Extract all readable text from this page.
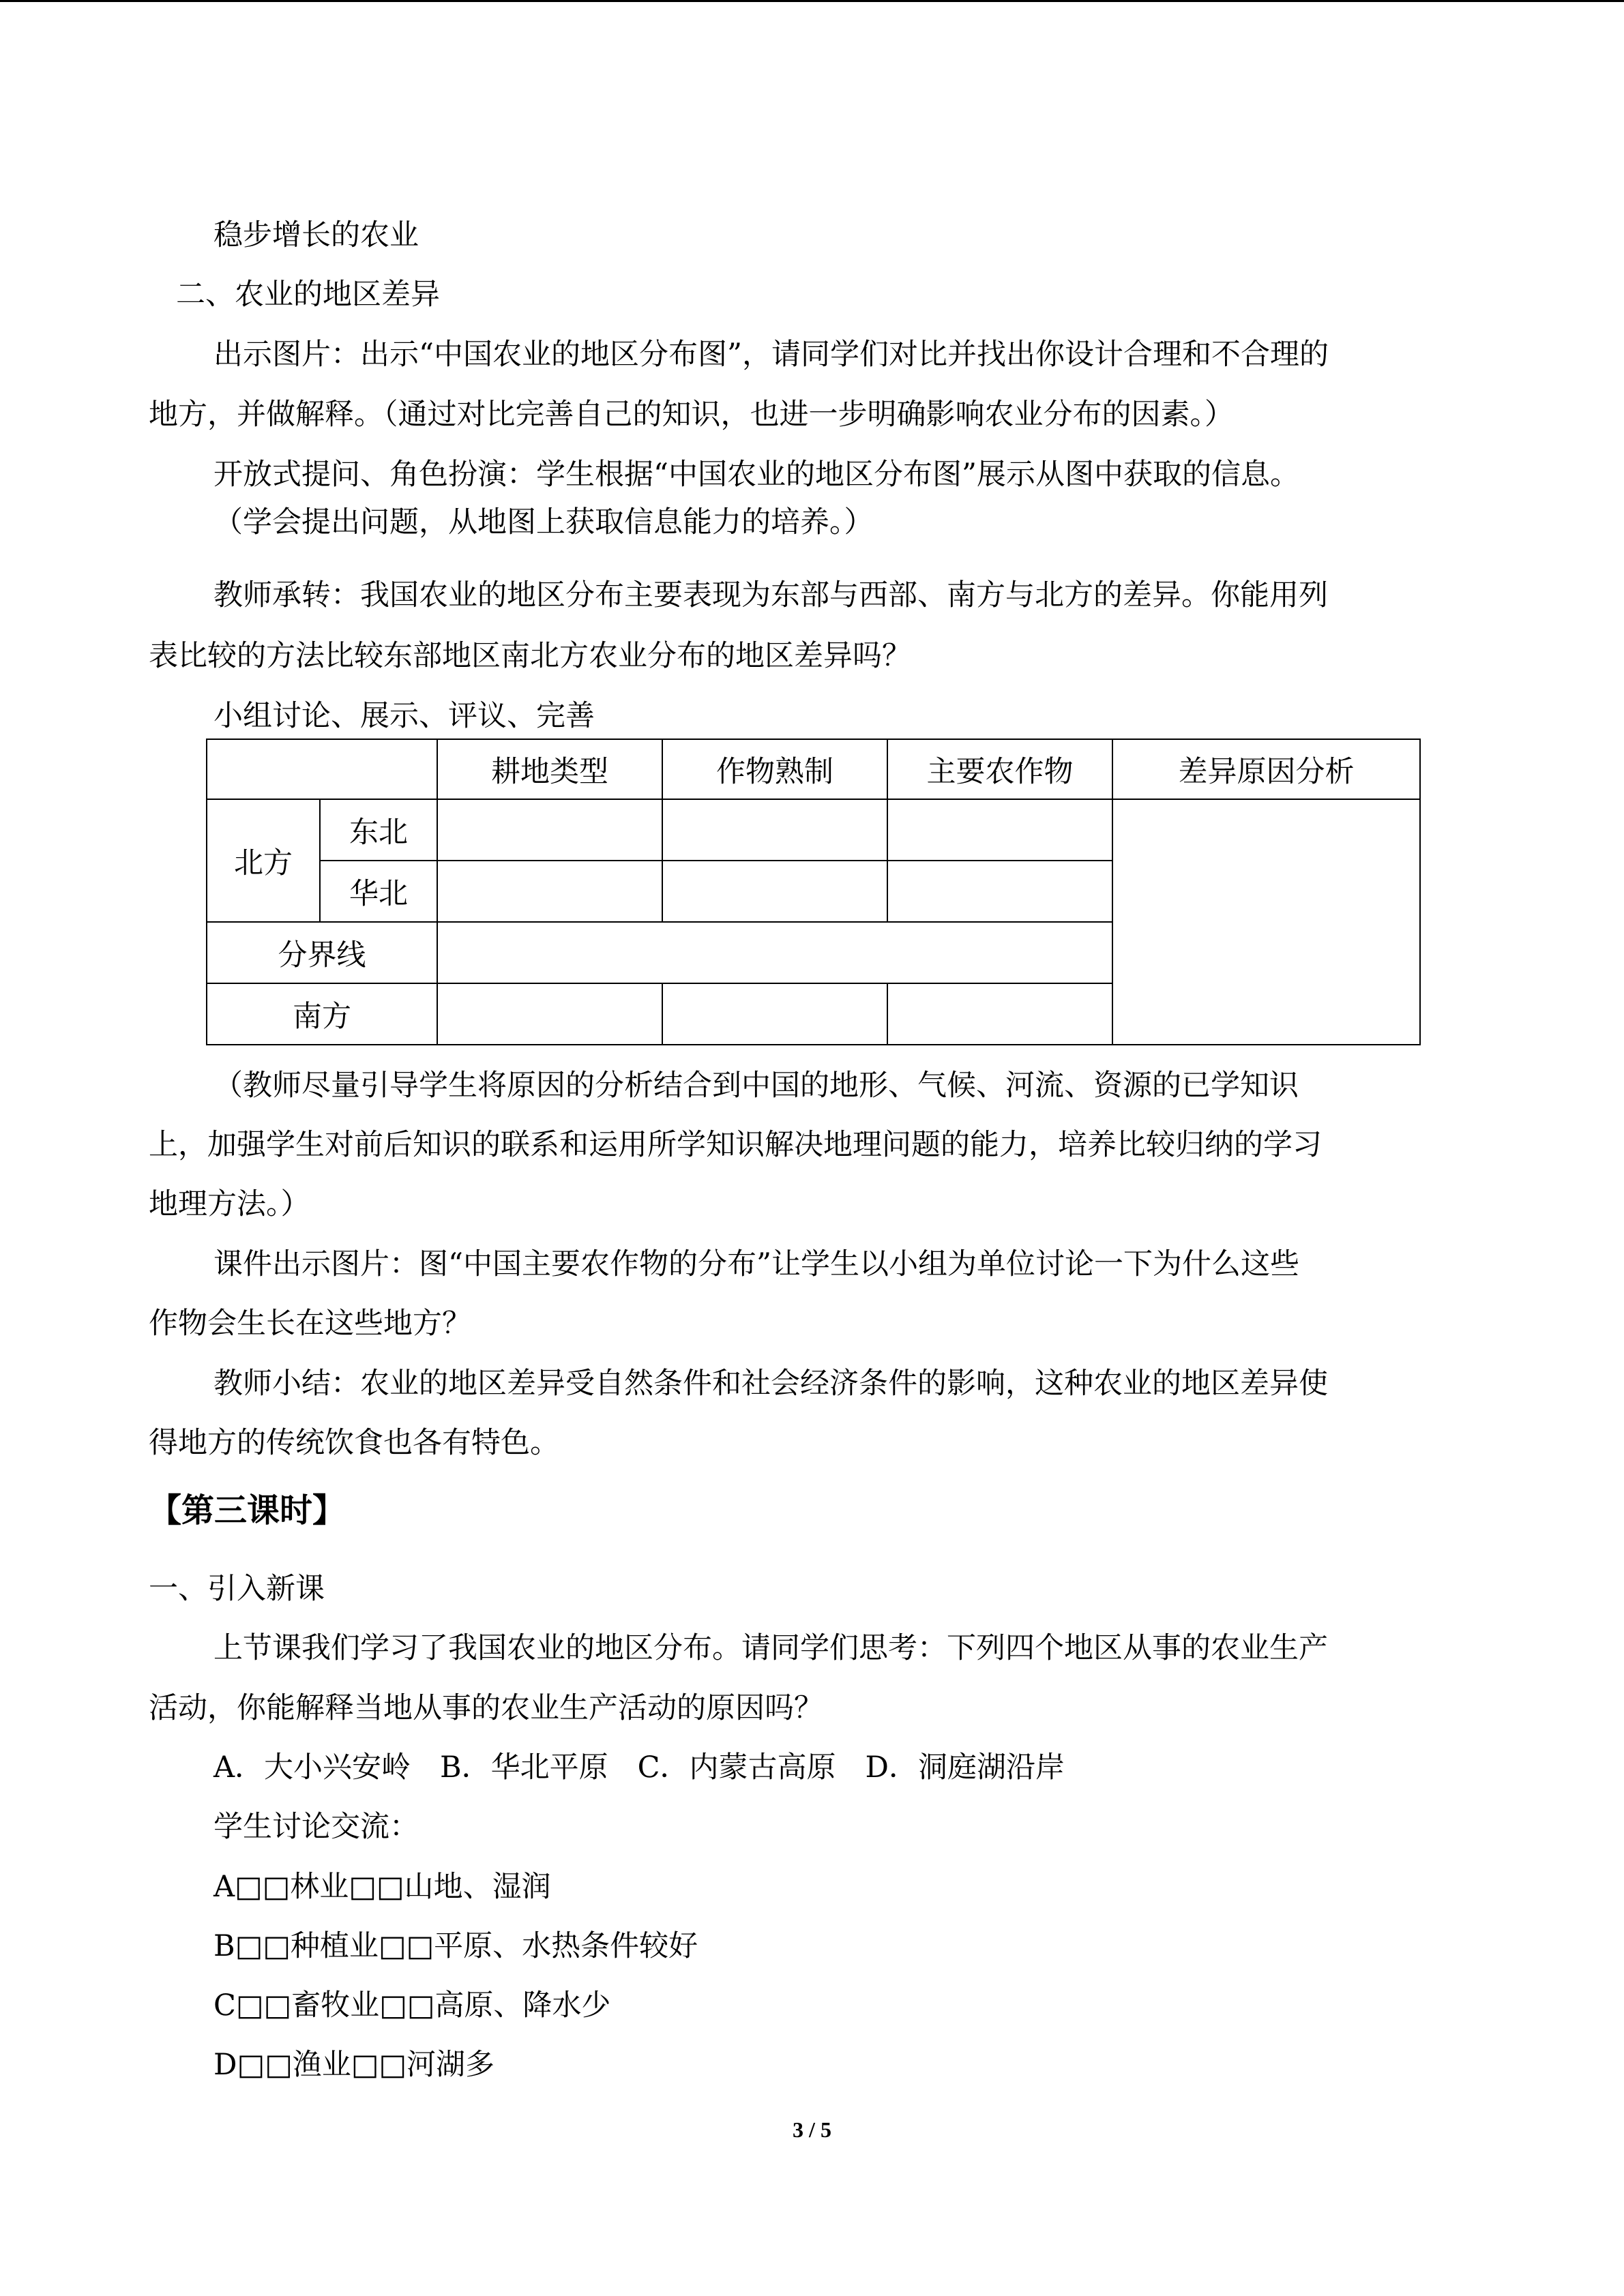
稳步增长的农业
二、农业的地区差异
出示图片：出示“中国农业的地区分布图”，请同学们对比并找出你设计合理和不合理的
地方，并做解释。（通过对比完善自己的知识，也进一步明确影响农业分布的因素。）
开放式提问、角色扮演：学生根据“中国农业的地区分布图”展示从图中获取的信息。
（学会提出问题，从地图上获取信息能力的培养。）
教师承转：我国农业的地区分布主要表现为东部与西部、南方与北方的差异。你能用列
表比较的方法比较东部地区南北方农业分布的地区差异吗？
小组讨论、展示、评议、完善
		耕地类型	作物熟制	主要农作物	差异原因分析
北方	东北				
	华北				
分界线					
南方					
（教师尽量引导学生将原因的分析结合到中国的地形、气候、河流、资源的已学知识
上，加强学生对前后知识的联系和运用所学知识解决地理问题的能力，培养比较归纳的学习
地理方法。）
课件出示图片：图“中国主要农作物的分布”让学生以小组为单位讨论一下为什么这些
作物会生长在这些地方？
教师小结：农业的地区差异受自然条件和社会经济条件的影响，这种农业的地区差异使
得地方的传统饮食也各有特色。
【第三课时】
一、引入新课
上节课我们学习了我国农业的地区分布。请同学们思考：下列四个地区从事的农业生产
活动，你能解释当地从事的农业生产活动的原因吗？
A．大小兴安岭　B．华北平原　C．内蒙古高原　D．洞庭湖沿岸
学生讨论交流：
A□□林业□□山地、湿润
B□□种植业□□平原、水热条件较好
C□□畜牧业□□高原、降水少
D□□渔业□□河湖多
3 / 5
